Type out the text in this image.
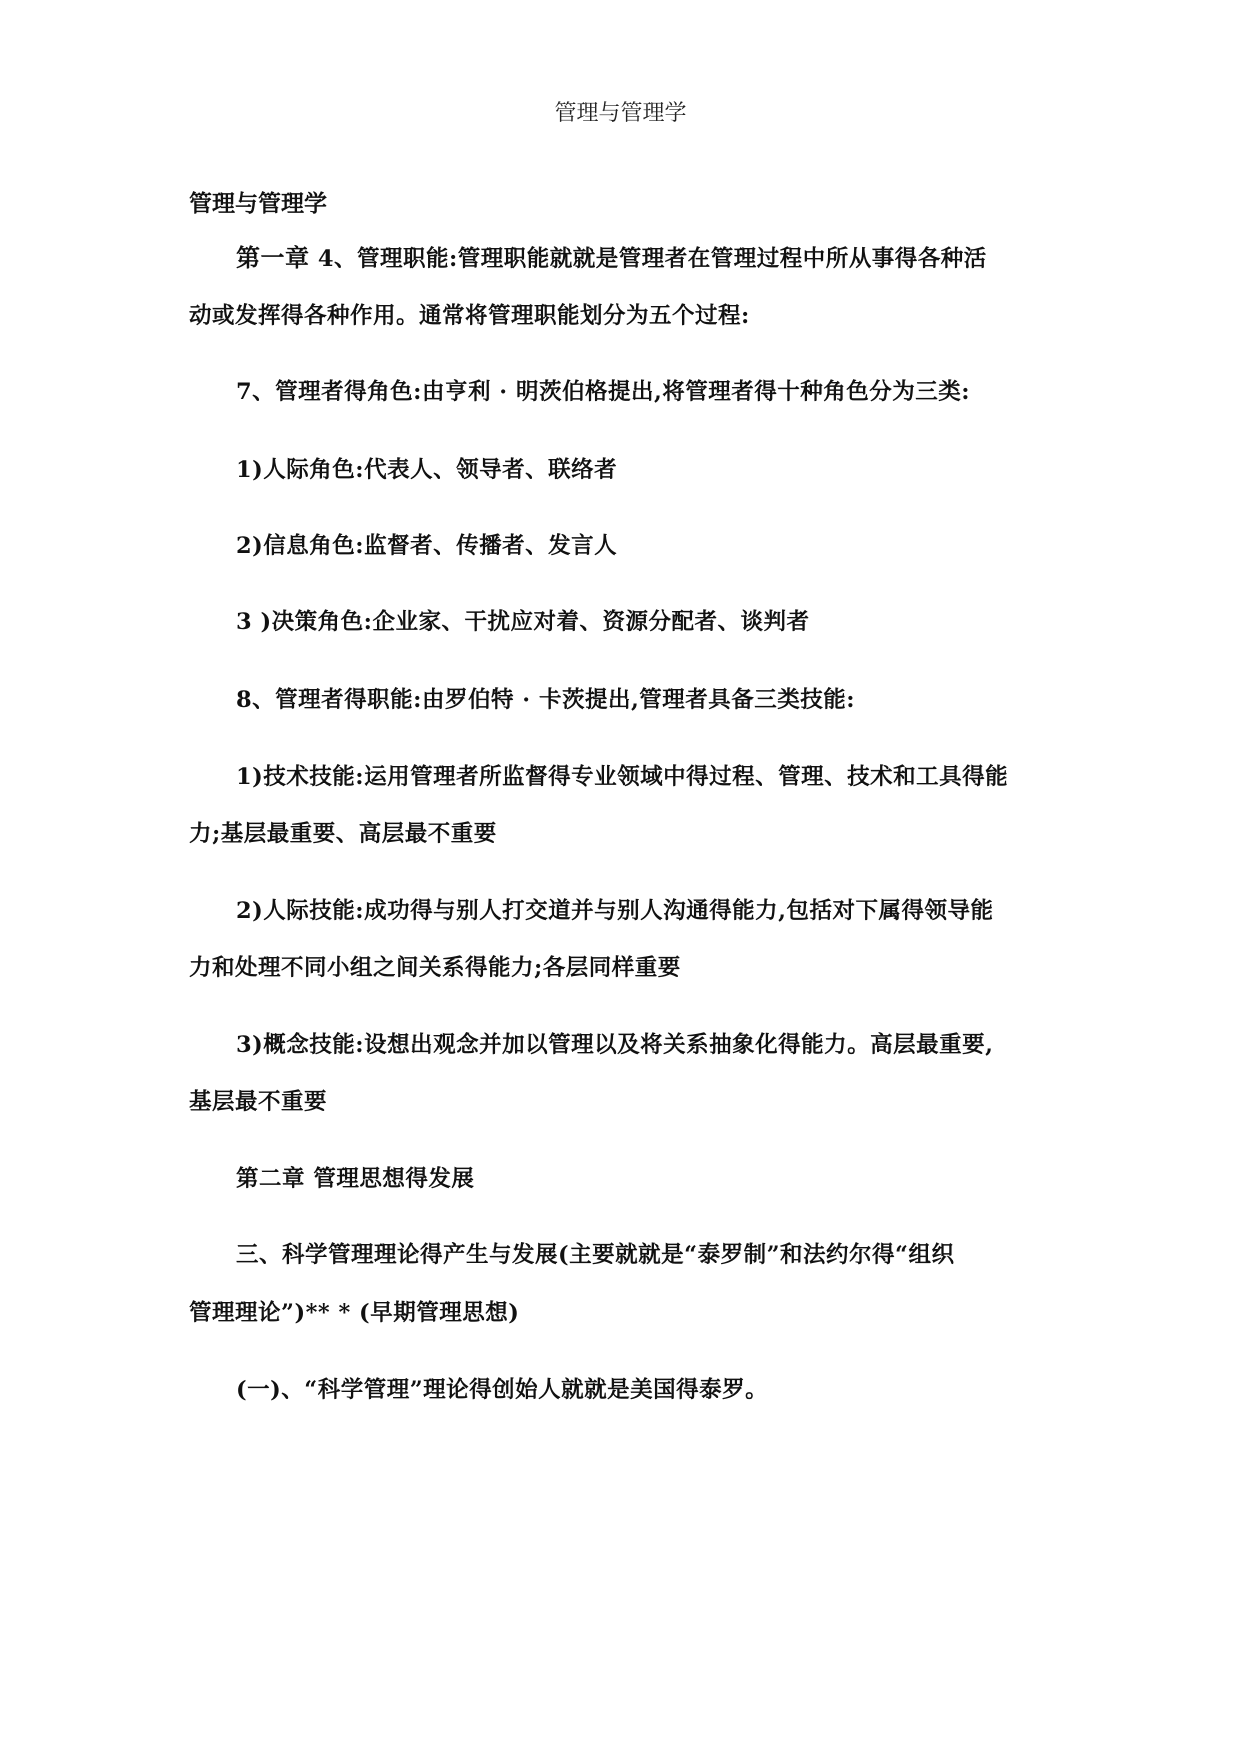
管理与管理学
管理与管理学
第一章 4、管理职能:管理职能就就是管理者在管理过程中所从事得各种活
动或发挥得各种作用。通常将管理职能划分为五个过程:
7、管理者得角色:由亨利 · 明茨伯格提出,将管理者得十种角色分为三类:
1)人际角色:代表人、领导者、联络者
2)信息角色:监督者、传播者、发言人
3 )决策角色:企业家、干扰应对着、资源分配者、谈判者
8、管理者得职能:由罗伯特 · 卡茨提出,管理者具备三类技能:
1)技术技能:运用管理者所监督得专业领域中得过程、管理、技术和工具得能
力;基层最重要、高层最不重要
2)人际技能:成功得与别人打交道并与别人沟通得能力,包括对下属得领导能
力和处理不同小组之间关系得能力;各层同样重要
3)概念技能:设想出观念并加以管理以及将关系抽象化得能力。高层最重要,
基层最不重要
第二章 管理思想得发展
三、科学管理理论得产生与发展(主要就就是“泰罗制”和法约尔得“组织
管理理论”)** * (早期管理思想)
(一)、“科学管理”理论得创始人就就是美国得泰罗。
